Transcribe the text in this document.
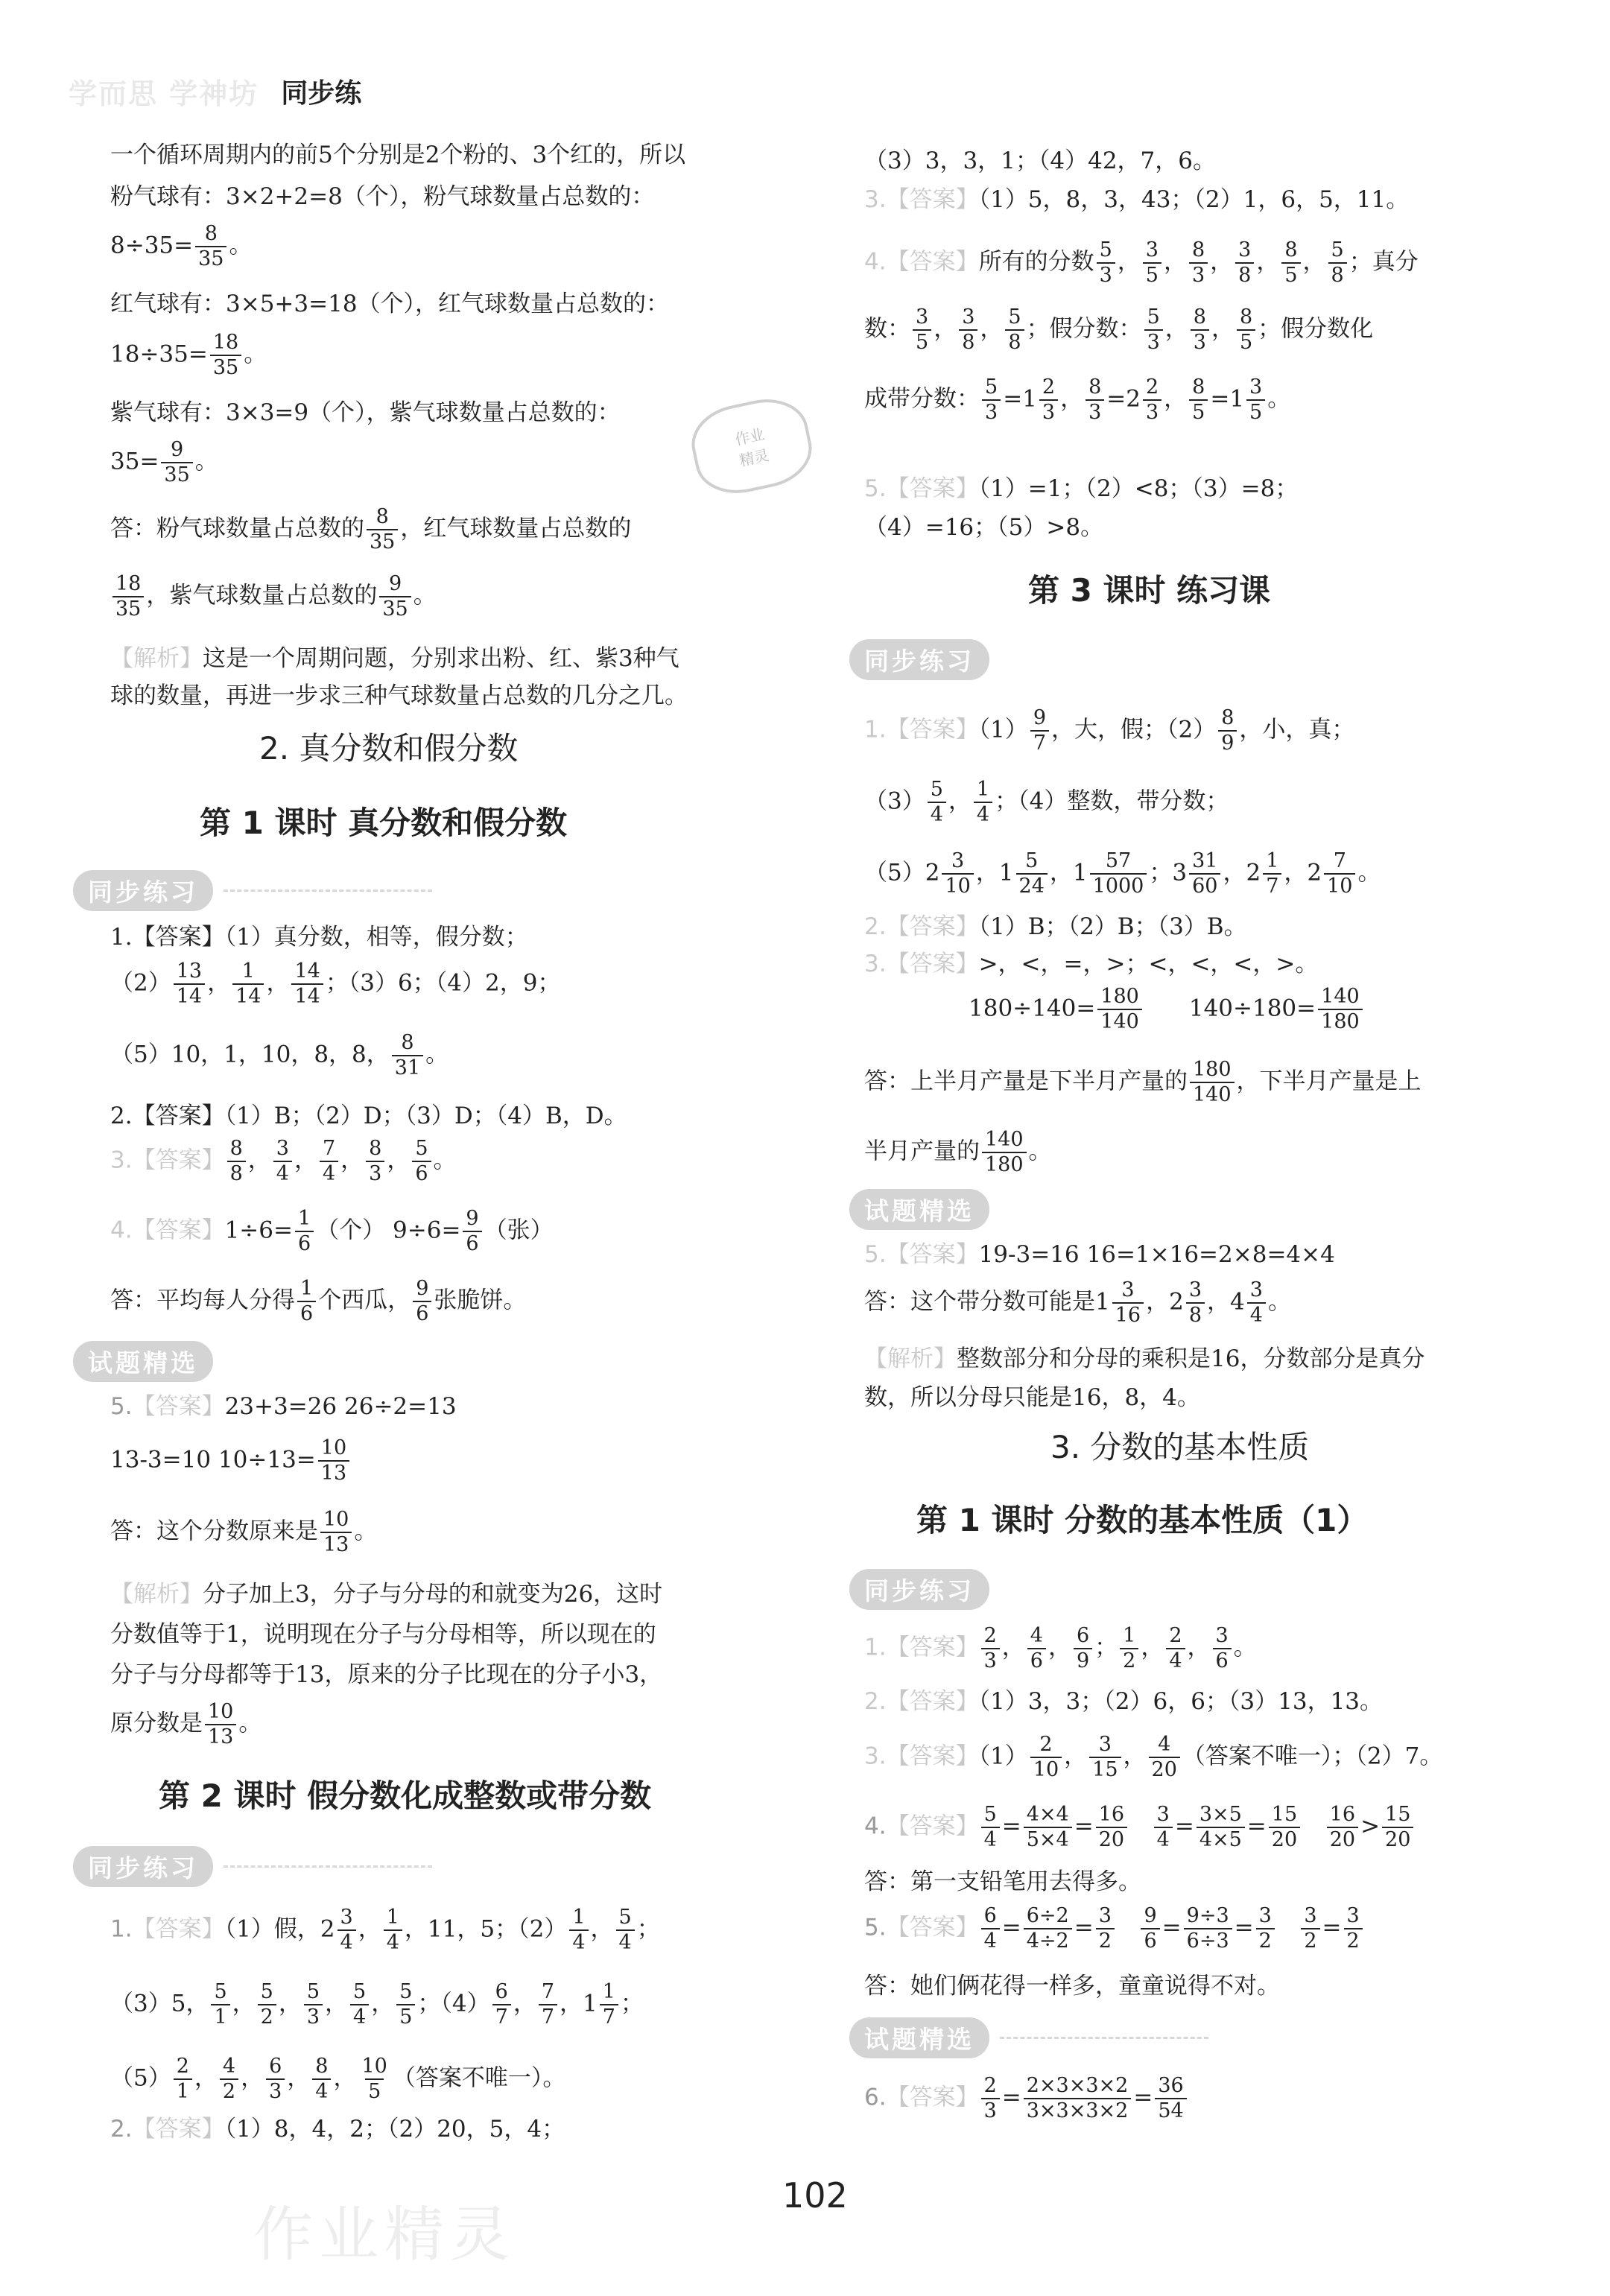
学而思 学神坊 同步练
作业
精灵
一个循环周期内的前5个分别是2个粉的、3个红的，所以
粉气球有：3×2+2=8（个），粉气球数量占总数的：
$8\div 35= \frac{8}{35}$ 。
红气球有：3×5+3=18（个），红气球数量占总数的：
$18\div 35= \frac{18}{35}$ 。
紫气球有：3×3=9（个），紫气球数量占总数的：
$35= \frac{9}{35}$ 。
答：粉气球数量占总数的 $\frac{8}{35}$ ，红气球数量占总数的
$\frac{18}{35}$ ，紫气球数量占总数的 $\frac{9}{35}$ 。
【解析】这是一个周期问题，分别求出粉、红、紫3种气
球的数量，再进一步求三种气球数量占总数的几分之几。
2. 真分数和假分数
第 1 课时 真分数和假分数
同步练习
1.【答案】（1）真分数，相等，假分数；
$(2) \frac{13}{14}$ ， $\frac{1}{14}$ ， $\frac{14}{14}$ ；（3）6；（4）2，9；
（5）10，1，10，8，8， $\frac{8}{31}$ 。
2.【答案】（1）B；（2）D；（3）D；（4）B，D。
3.【答案】 $\frac{8}{8}$ ， $\frac{3}{4}$ ， $\frac{7}{4}$ ， $\frac{8}{3}$ ， $\frac{5}{6}$ 。
4.【答案】$1\div 6= \frac{1}{6}$ （个） $9\div 6= \frac{9}{6}$ （张）
答：平均每人分得 $\frac{1}{6}$ 个西瓜， $\frac{9}{6}$ 张脆饼。
试题精选
5.【答案】23+3=26 26÷2=13
13-3=10 $10\div 13= \frac{10}{13}$
答：这个分数原来是 $\frac{10}{13}$ 。
【解析】分子加上3，分子与分母的和就变为26，这时
分数值等于1，说明现在分子与分母相等，所以现在的
分子与分母都等于13，原来的分子比现在的分子小3，
原分数是 $\frac{10}{13}$ 。
第 2 课时 假分数化成整数或带分数
同步练习
1.【答案】（1）假，$2 \frac{3}{4}$ ， $\frac{1}{4}$ ，11，5；$(2) \frac{1}{4}$ ， $\frac{5}{4}$ ；
（3）5， $\frac{5}{1}$ ， $\frac{5}{2}$ ， $\frac{5}{3}$ ， $\frac{5}{4}$ ， $\frac{5}{5}$ ；$(4) \frac{6}{7}$ ， $\frac{7}{7}$ ，$1 \frac{1}{7}$ ；
$(5) \frac{2}{1}$ ， $\frac{4}{2}$ ， $\frac{6}{3}$ ， $\frac{8}{4}$ ， $\frac{10}{5}$ （答案不唯一）。
2.【答案】（1）8，4，2；（2）20，5，4；
（3）3，3，1；（4）42，7，6。
3.【答案】（1）5，8，3，43；（2）1，6，5，11。
4.【答案】所有的分数 $\frac{5}{3}$ ， $\frac{3}{5}$ ， $\frac{8}{3}$ ， $\frac{3}{8}$ ， $\frac{8}{5}$ ， $\frac{5}{8}$ ；真分
数： $\frac{3}{5}$ ， $\frac{3}{8}$ ， $\frac{5}{8}$ ；假分数： $\frac{5}{3}$ ， $\frac{8}{3}$ ， $\frac{8}{5}$ ；假分数化
成带分数： $\frac{5}{3} =1 \frac{2}{3}$ ， $\frac{8}{3} =2 \frac{2}{3}$ ， $\frac{8}{5} =1 \frac{3}{5}$ 。
5.【答案】（1）=1；（2）<8；（3）=8；
（4）=16；（5）>8。
第 3 课时 练习课
同步练习
1.【答案】$(1) \frac{9}{7}$ ，大，假；$(2) \frac{8}{9}$ ，小，真；
$(3) \frac{5}{4}$ ， $\frac{1}{4}$ ；（4）整数，带分数；
$(5)2 \frac{3}{10}$ ，$1 \frac{5}{24}$ ，$1 \frac{57}{1000}$ ；$3 \frac{31}{60}$ ，$2 \frac{1}{7}$ ，$2 \frac{7}{10}$ 。
2.【答案】（1）B；（2）B；（3）B。
3.【答案】>，<，=，>；<，<，<，>。
$180\div 140= \frac{180}{140} 140\div 180= \frac{140}{180}$
答：上半月产量是下半月产量的 $\frac{180}{140}$ ，下半月产量是上
半月产量的 $\frac{140}{180}$ 。
试题精选
5.【答案】19-3=16 16=1×16=2×8=4×4
答：这个带分数可能是$1 \frac{3}{16}$ ，$2 \frac{3}{8}$ ，$4 \frac{3}{4}$ 。
【解析】整数部分和分母的乘积是16，分数部分是真分
数，所以分母只能是16，8，4。
3. 分数的基本性质
第 1 课时 分数的基本性质（1）
同步练习
1.【答案】 $\frac{2}{3}$ ， $\frac{4}{6}$ ， $\frac{6}{9}$ ； $\frac{1}{2}$ ， $\frac{2}{4}$ ， $\frac{3}{6}$ 。
2.【答案】（1）3，3；（2）6，6；（3）13，13。
3.【答案】$(1) \frac{2}{10}$ ， $\frac{3}{15}$ ， $\frac{4}{20}$ （答案不唯一）；（2）7。
4.【答案】 $\frac{5}{4} = \frac{4\times 4}{5\times 4} = \frac{16}{20}$
$\frac{3}{4} = \frac{3\times 5}{4\times 5} = \frac{15}{20}$
$\frac{16}{20} > \frac{15}{20}$
答：第一支铅笔用去得多。
5.【答案】 $\frac{6}{4} = \frac{6\div 2}{4\div 2} = \frac{3}{2}$
$\frac{9}{6} = \frac{9\div 3}{6\div 3} = \frac{3}{2}$
$\frac{3}{2} = \frac{3}{2}$
答：她们俩花得一样多，童童说得不对。
试题精选
6.【答案】 $\frac{2}{3} = \frac{2\times 3\times 3\times 2}{3\times 3\times 3\times 2} = \frac{36}{54}$
102
作业精灵
